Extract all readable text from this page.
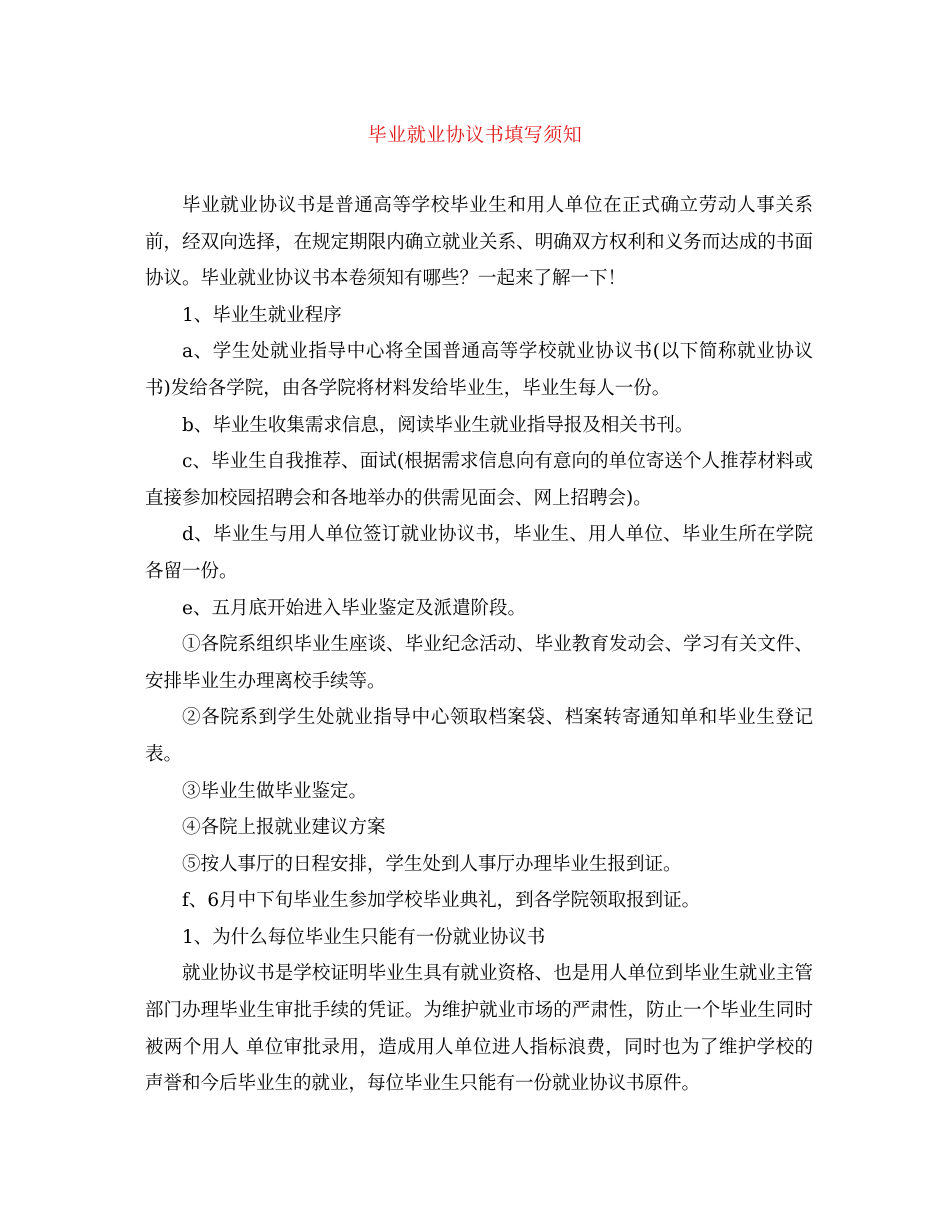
毕业就业协议书填写须知

毕业就业协议书是普通高等学校毕业生和用人单位在正式确立劳动人事关系前，经双向选择，在规定期限内确立就业关系、明确双方权利和义务而达成的书面协议。毕业就业协议书本卷须知有哪些？一起来了解一下！

1、毕业生就业程序

a、学生处就业指导中心将全国普通高等学校就业协议书(以下简称就业协议书)发给各学院，由各学院将材料发给毕业生，毕业生每人一份。

b、毕业生收集需求信息，阅读毕业生就业指导报及相关书刊。

c、毕业生自我推荐、面试(根据需求信息向有意向的单位寄送个人推荐材料或直接参加校园招聘会和各地举办的供需见面会、网上招聘会)。

d、毕业生与用人单位签订就业协议书，毕业生、用人单位、毕业生所在学院各留一份。

e、五月底开始进入毕业鉴定及派遣阶段。

①各院系组织毕业生座谈、毕业纪念活动、毕业教育发动会、学习有关文件、安排毕业生办理离校手续等。

②各院系到学生处就业指导中心领取档案袋、档案转寄通知单和毕业生登记表。

③毕业生做毕业鉴定。

④各院上报就业建议方案

⑤按人事厅的日程安排，学生处到人事厅办理毕业生报到证。

f、6月中下旬毕业生参加学校毕业典礼，到各学院领取报到证。

1、为什么每位毕业生只能有一份就业协议书

就业协议书是学校证明毕业生具有就业资格、也是用人单位到毕业生就业主管部门办理毕业生审批手续的凭证。为维护就业市场的严肃性，防止一个毕业生同时被两个用人 单位审批录用，造成用人单位进人指标浪费，同时也为了维护学校的声誉和今后毕业生的就业，每位毕业生只能有一份就业协议书原件。
